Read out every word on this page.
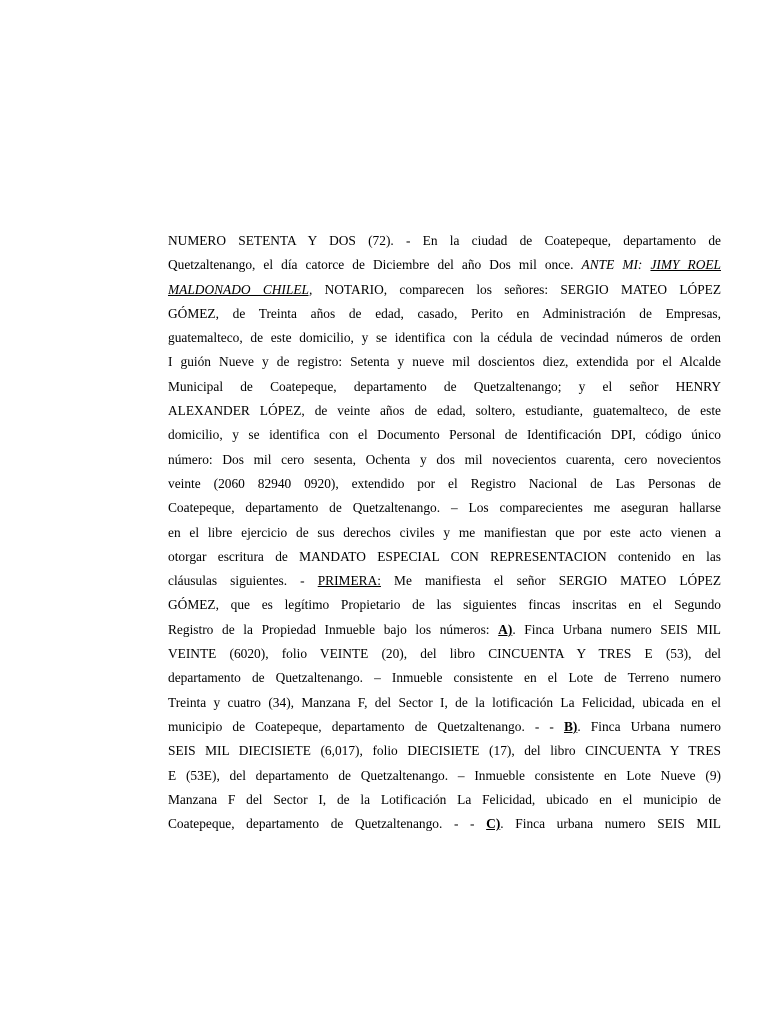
NUMERO SETENTA Y DOS (72). - En la ciudad de Coatepeque, departamento de
Quetzaltenango, el día catorce de Diciembre del año Dos mil once. ANTE MI: JIMY ROEL
MALDONADO CHILEL, NOTARIO, comparecen los señores: SERGIO MATEO LÓPEZ
GÓMEZ, de Treinta años de edad, casado, Perito en Administración de Empresas,
guatemalteco, de este domicilio, y se identifica con la cédula de vecindad números de orden
I guión Nueve y de registro: Setenta y nueve mil doscientos diez, extendida por el Alcalde
Municipal de Coatepeque, departamento de Quetzaltenango; y el señor HENRY
ALEXANDER LÓPEZ, de veinte años de edad, soltero, estudiante, guatemalteco, de este
domicilio, y se identifica con el Documento Personal de Identificación DPI, código único
número: Dos mil cero sesenta, Ochenta y dos mil novecientos cuarenta, cero novecientos
veinte (2060 82940 0920), extendido por el Registro Nacional de Las Personas de
Coatepeque, departamento de Quetzaltenango. – Los comparecientes me aseguran hallarse
en el libre ejercicio de sus derechos civiles y me manifiestan que por este acto vienen a
otorgar escritura de MANDATO ESPECIAL CON REPRESENTACION contenido en las
cláusulas siguientes. - PRIMERA: Me manifiesta el señor SERGIO MATEO LÓPEZ
GÓMEZ, que es legítimo Propietario de las siguientes fincas inscritas en el Segundo
Registro de la Propiedad Inmueble bajo los números: A). Finca Urbana numero SEIS MIL
VEINTE (6020), folio VEINTE (20), del libro CINCUENTA Y TRES E (53), del
departamento de Quetzaltenango. – Inmueble consistente en el Lote de Terreno numero
Treinta y cuatro (34), Manzana F, del Sector I, de la lotificación La Felicidad, ubicada en el
municipio de Coatepeque, departamento de Quetzaltenango. - - B). Finca Urbana numero
SEIS MIL DIECISIETE (6,017), folio DIECISIETE (17), del libro CINCUENTA Y TRES
E (53E), del departamento de Quetzaltenango. – Inmueble consistente en Lote Nueve (9)
Manzana F del Sector I, de la Lotificación La Felicidad, ubicado en el municipio de
Coatepeque, departamento de Quetzaltenango. - - C). Finca urbana numero SEIS MIL
